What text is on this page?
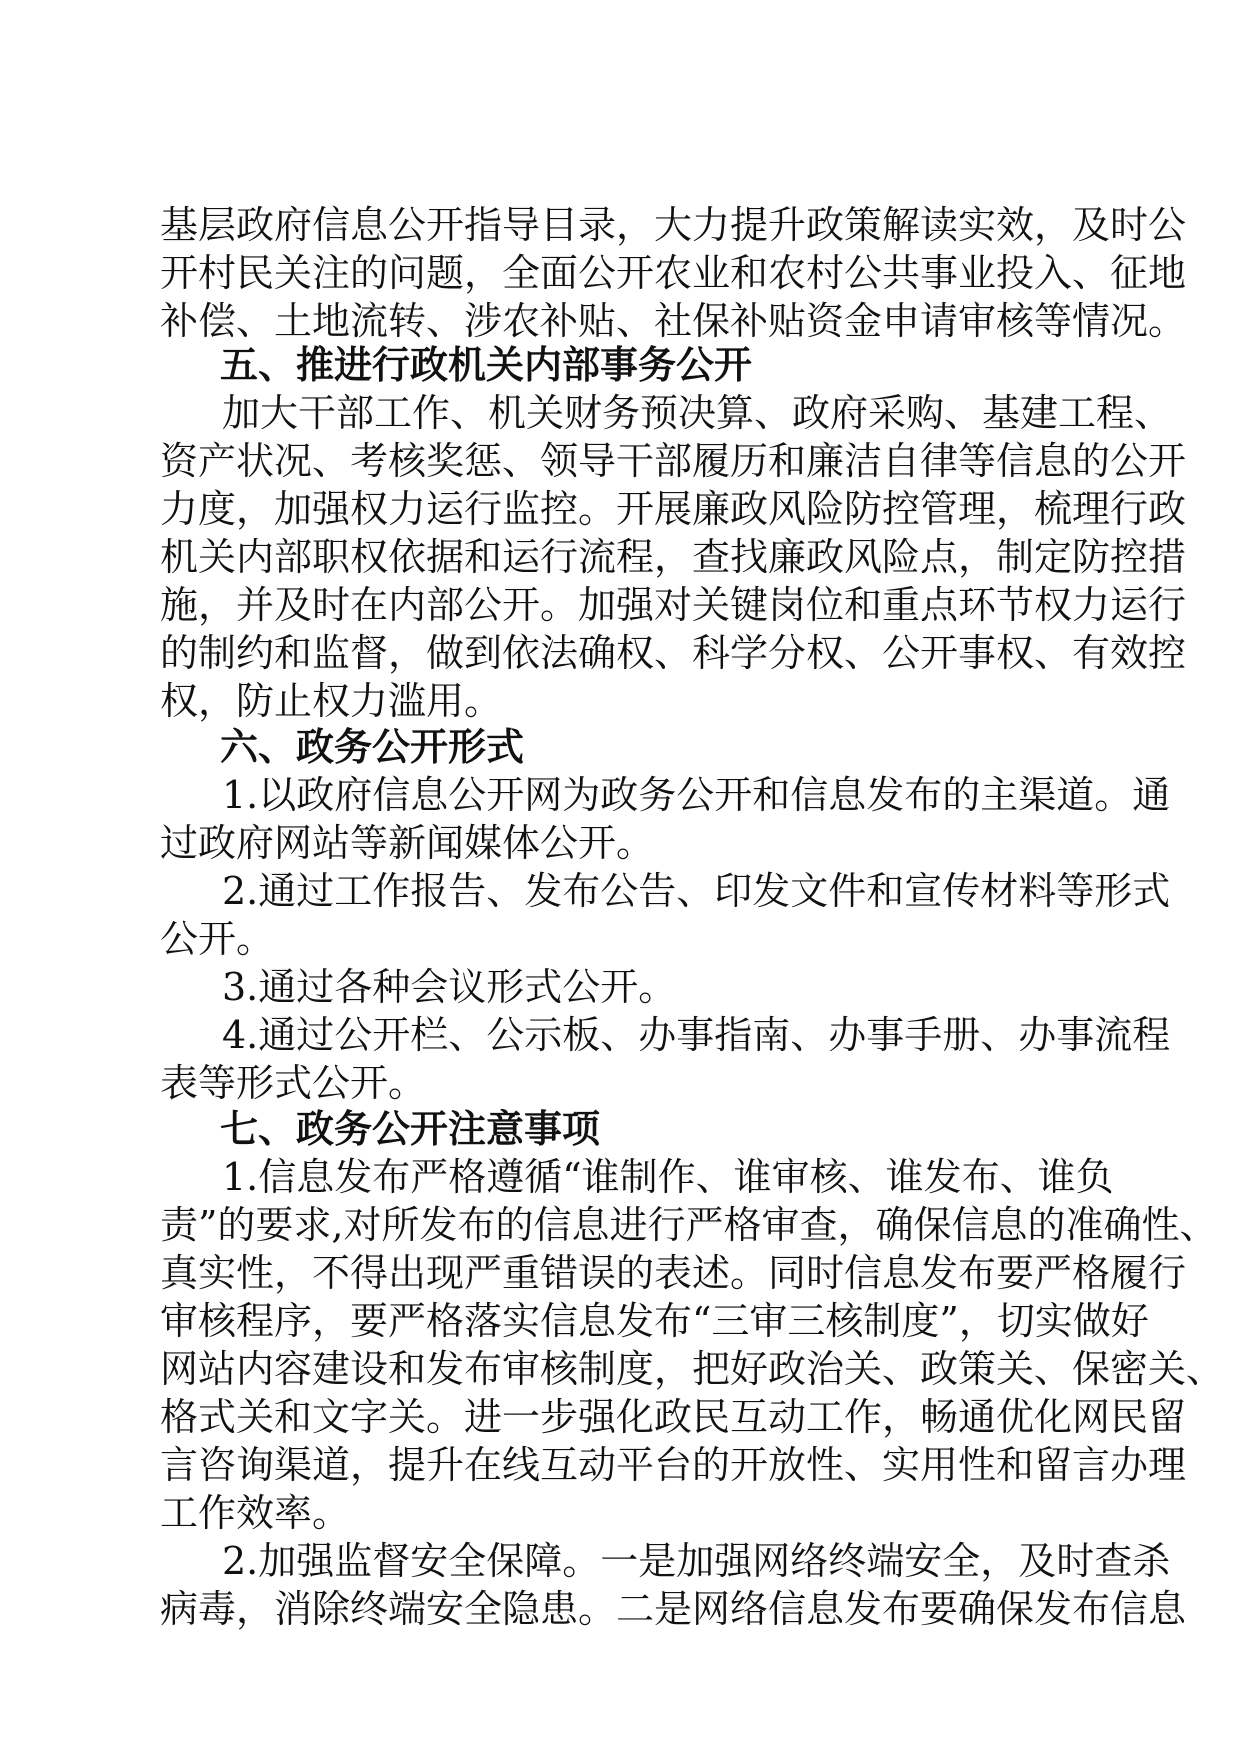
基层政府信息公开指导目录，大力提升政策解读实效，及时公
开村民关注的问题，全面公开农业和农村公共事业投入、征地
补偿、土地流转、涉农补贴、社保补贴资金申请审核等情况。
五、推进行政机关内部事务公开
加大干部工作、机关财务预决算、政府采购、基建工程、
资产状况、考核奖惩、领导干部履历和廉洁自律等信息的公开
力度，加强权力运行监控。开展廉政风险防控管理，梳理行政
机关内部职权依据和运行流程，查找廉政风险点，制定防控措
施，并及时在内部公开。加强对关键岗位和重点环节权力运行
的制约和监督，做到依法确权、科学分权、公开事权、有效控
权，防止权力滥用。
六、政务公开形式
1.以政府信息公开网为政务公开和信息发布的主渠道。通
过政府网站等新闻媒体公开。
2.通过工作报告、发布公告、印发文件和宣传材料等形式
公开。
3.通过各种会议形式公开。
4.通过公开栏、公示板、办事指南、办事手册、办事流程
表等形式公开。
七、政务公开注意事项
1.信息发布严格遵循“谁制作、谁审核、谁发布、谁负
责”的要求,对所发布的信息进行严格审查，确保信息的准确性、
真实性，不得出现严重错误的表述。同时信息发布要严格履行
审核程序，要严格落实信息发布“三审三核制度”，切实做好
网站内容建设和发布审核制度，把好政治关、政策关、保密关、
格式关和文字关。进一步强化政民互动工作，畅通优化网民留
言咨询渠道，提升在线互动平台的开放性、实用性和留言办理
工作效率。
2.加强监督安全保障。一是加强网络终端安全，及时查杀
病毒，消除终端安全隐患。二是网络信息发布要确保发布信息
